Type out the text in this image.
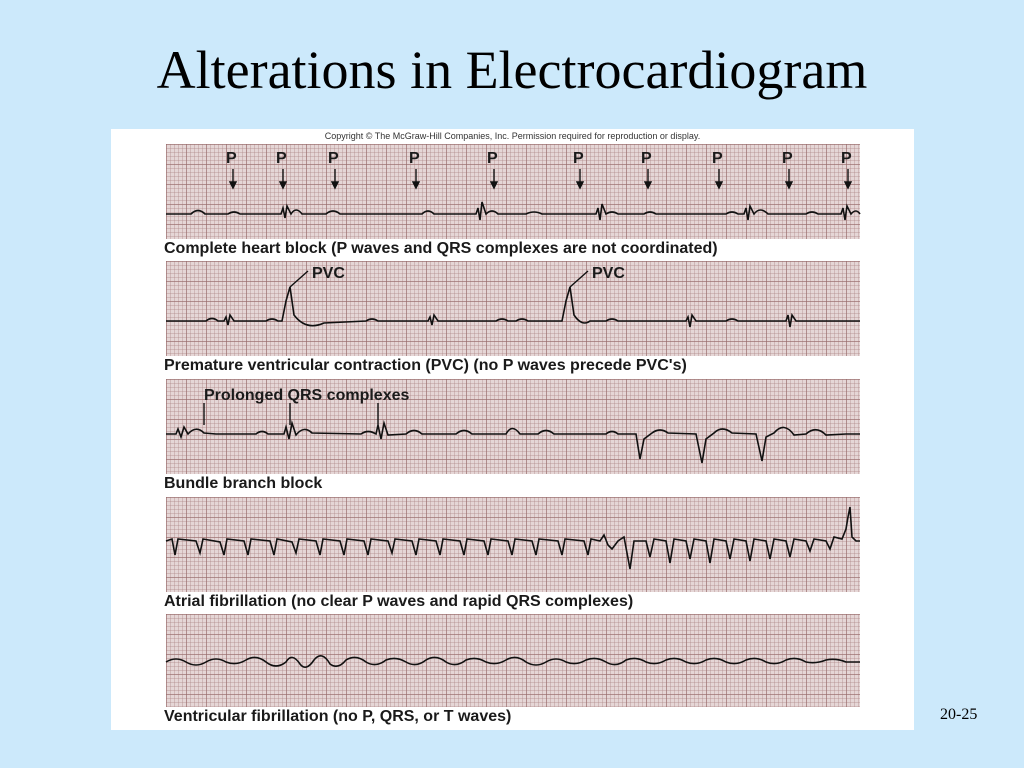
Alterations in Electrocardiogram
Copyright © The McGraw-Hill Companies, Inc. Permission required for reproduction or display.
P P	P	P	P	P	P	P	P	P
Complete heart block (P waves and QRS complexes are not coordinated)
PVC	PVC
Premature ventricular contraction (PVC) (no P waves precede PVC's)
Prolonged QRS complexes
Bundle branch block
Atrial fibrillation (no clear P waves and rapid QRS complexes)
Ventricular fibrillation (no P, QRS, or T waves)	20-25
